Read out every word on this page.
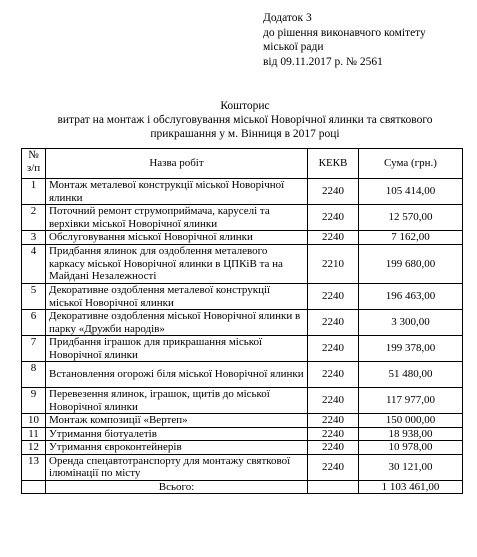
Додаток 3
до рішення виконавчого комітету
міської ради
від 09.11.2017 р. № 2561
Кошторис
витрат на монтаж і обслуговування міської Новорічної ялинки та святкового
прикрашання у м. Вінниця в 2017 році
№ з/п	Назва робіт	КЕКВ	Сума (грн.)
1	Монтаж металевої конструкції міської Новорічної ялинки	2240	105 414,00
2	Поточний ремонт струмоприймача, каруселі та верхівки міської Новорічної ялинки	2240	12 570,00
3	Обслуговування міської Новорічної ялинки	2240	7 162,00
4	Придбання ялинок для оздоблення металевого каркасу міської Новорічної ялинки в ЦПКіВ та на Майдані Незалежності	2210	199 680,00
5	Декоративне оздоблення металевої конструкції міської Новорічної ялинки	2240	196 463,00
6	Декоративне оздоблення міської Новорічної ялинки в парку «Дружби народів»	2240	3 300,00
7	Придбання іграшок для прикрашання міської Новорічної ялинки	2240	199 378,00
8	Встановлення огорожі біля міської Новорічної ялинки	2240	51 480,00
9	Перевезення ялинок, іграшок, щитів до міської Новорічної ялинки	2240	117 977,00
10	Монтаж композиції «Вертеп»	2240	150 000,00
11	Утримання біотуалетів	2240	18 938,00
12	Утримання євроконтейнерів	2240	10 978,00
13	Оренда спецавтотранспорту для монтажу святкової ілюмінації по місту	2240	30 121,00
	Всього:		1 103 461,00
